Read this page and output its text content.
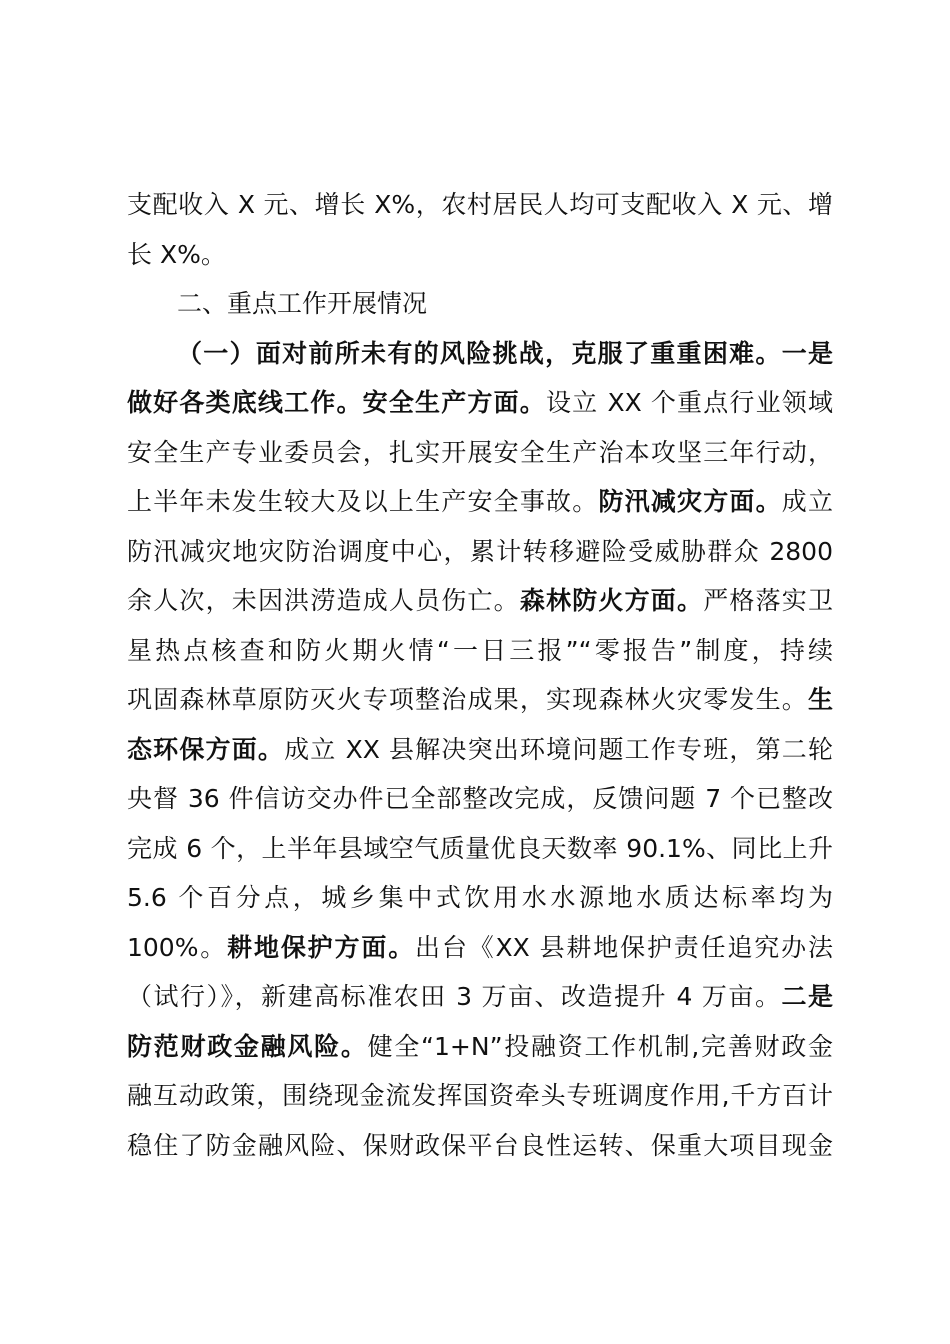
支配收入 X 元、增长 X%，农村居民人均可支配收入 X 元、增
长 X%。

二、重点工作开展情况

（一）面对前所未有的风险挑战，克服了重重困难。一是
做好各类底线工作。安全生产方面。设立 XX 个重点行业领域
安全生产专业委员会，扎实开展安全生产治本攻坚三年行动，
上半年未发生较大及以上生产安全事故。防汛减灾方面。成立
防汛减灾地灾防治调度中心，累计转移避险受威胁群众 2800
余人次，未因洪涝造成人员伤亡。森林防火方面。严格落实卫
星热点核查和防火期火情“一日三报”“零报告”制度，持续
巩固森林草原防灭火专项整治成果，实现森林火灾零发生。生
态环保方面。成立 XX 县解决突出环境问题工作专班，第二轮
央督 36 件信访交办件已全部整改完成，反馈问题 7 个已整改
完成 6 个，上半年县域空气质量优良天数率 90.1%、同比上升
5.6 个百分点，城乡集中式饮用水水源地水质达标率均为
100%。耕地保护方面。出台《XX 县耕地保护责任追究办法
（试行）》，新建高标准农田 3 万亩、改造提升 4 万亩。二是
防范财政金融风险。健全“1+N”投融资工作机制,完善财政金
融互动政策，围绕现金流发挥国资牵头专班调度作用,千方百计
稳住了防金融风险、保财政保平台良性运转、保重大项目现金
